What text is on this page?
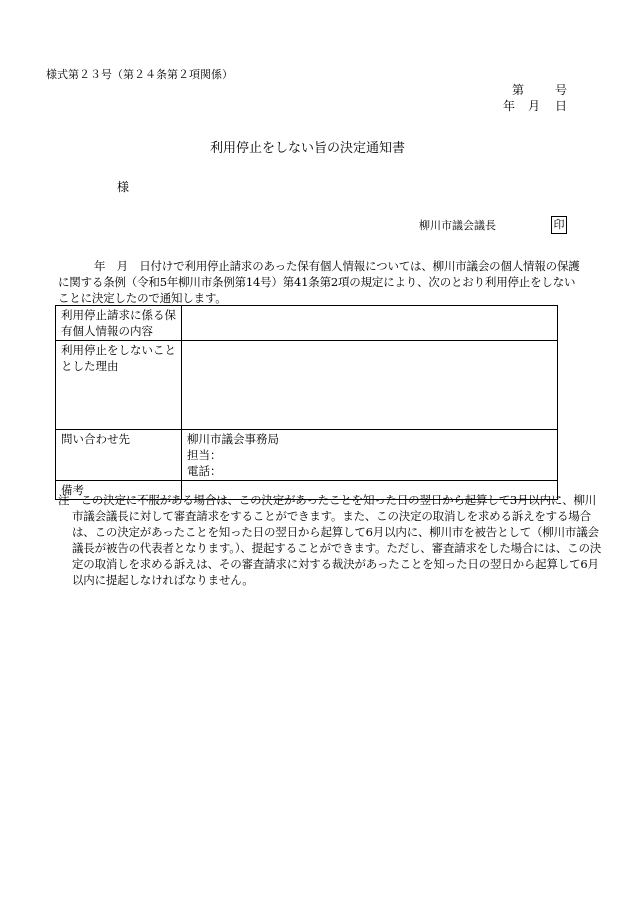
様式第２３号（第２４条第２項関係）
第	号
年 月 日
利用停止をしない旨の決定通知書
様
柳川市議会議長	印
年　月　日付けで利用停止請求のあった保有個人情報については、柳川市議会の個人情報の保護に関する条例（令和5年柳川市条例第14号）第41条第2項の規定により、次のとおり利用停止をしないことに決定したので通知します。
利用停止請求に係る保
有個人情報の内容	

利用停止をしないこと
とした理由	

問い合わせ先	柳川市議会事務局
担当：
電話：

備考	

注　この決定に不服がある場合は、この決定があったことを知った日の翌日から起算して3月以内に、柳川市議会議長に対して審査請求をすることができます。また、この決定の取消しを求める訴えをする場合は、この決定があったことを知った日の翌日から起算して6月以内に、柳川市を被告として（柳川市議会議長が被告の代表者となります。）、提起することができます。ただし、審査請求をした場合には、この決定の取消しを求める訴えは、その審査請求に対する裁決があったことを知った日の翌日から起算して6月以内に提起しなければなりません。
